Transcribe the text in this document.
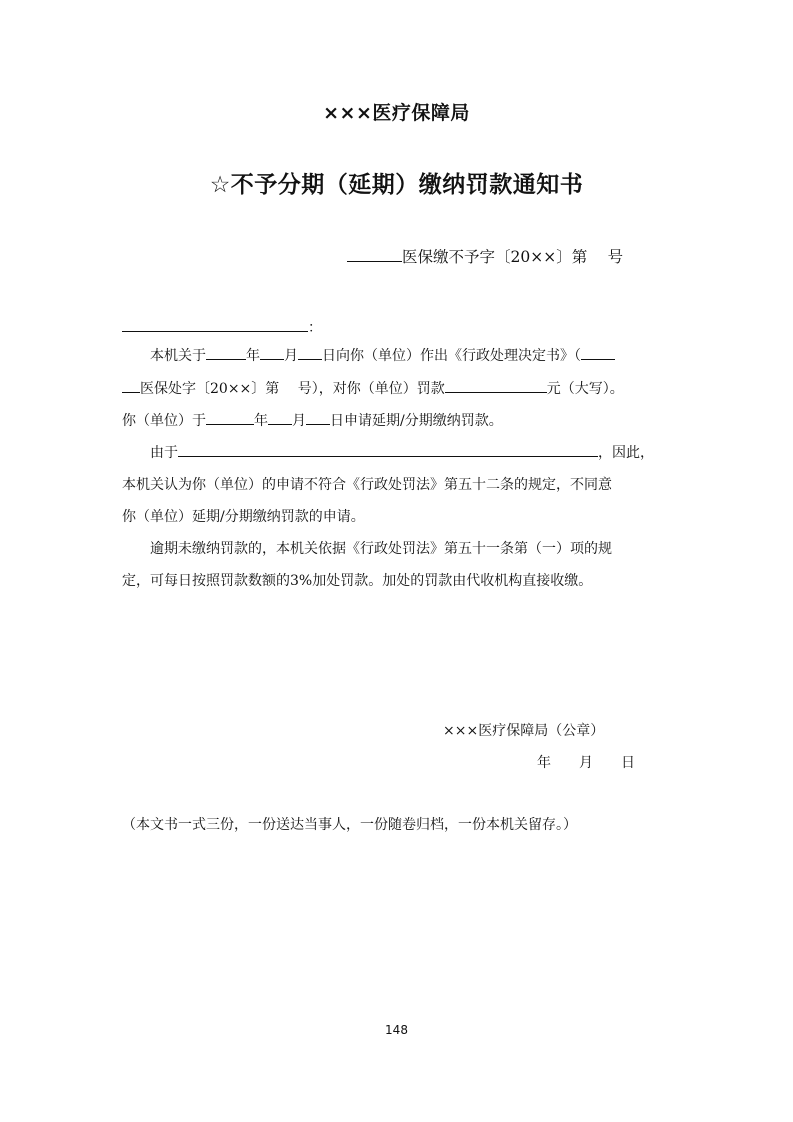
×××医疗保障局
☆不予分期（延期）缴纳罚款通知书
医保缴不予字〔20××〕第　 号
：
本机关于	年 月 日向你（单位）作出《行政处理决定书》（
医保处字〔20××〕第　 号），对你（单位）罚款	元（大写）。
你（单位）于	年 月 日申请延期/分期缴纳罚款。
由于	，因此，
本机关认为你（单位）的申请不符合《行政处罚法》第五十二条的规定，不同意
你（单位）延期/分期缴纳罚款的申请。
逾期未缴纳罚款的，本机关依据《行政处罚法》第五十一条第（一）项的规
定，可每日按照罚款数额的3%加处罚款。加处的罚款由代收机构直接收缴。
×××医疗保障局（公章）
年　　月　　日
（本文书一式三份，一份送达当事人，一份随卷归档，一份本机关留存。）
148
